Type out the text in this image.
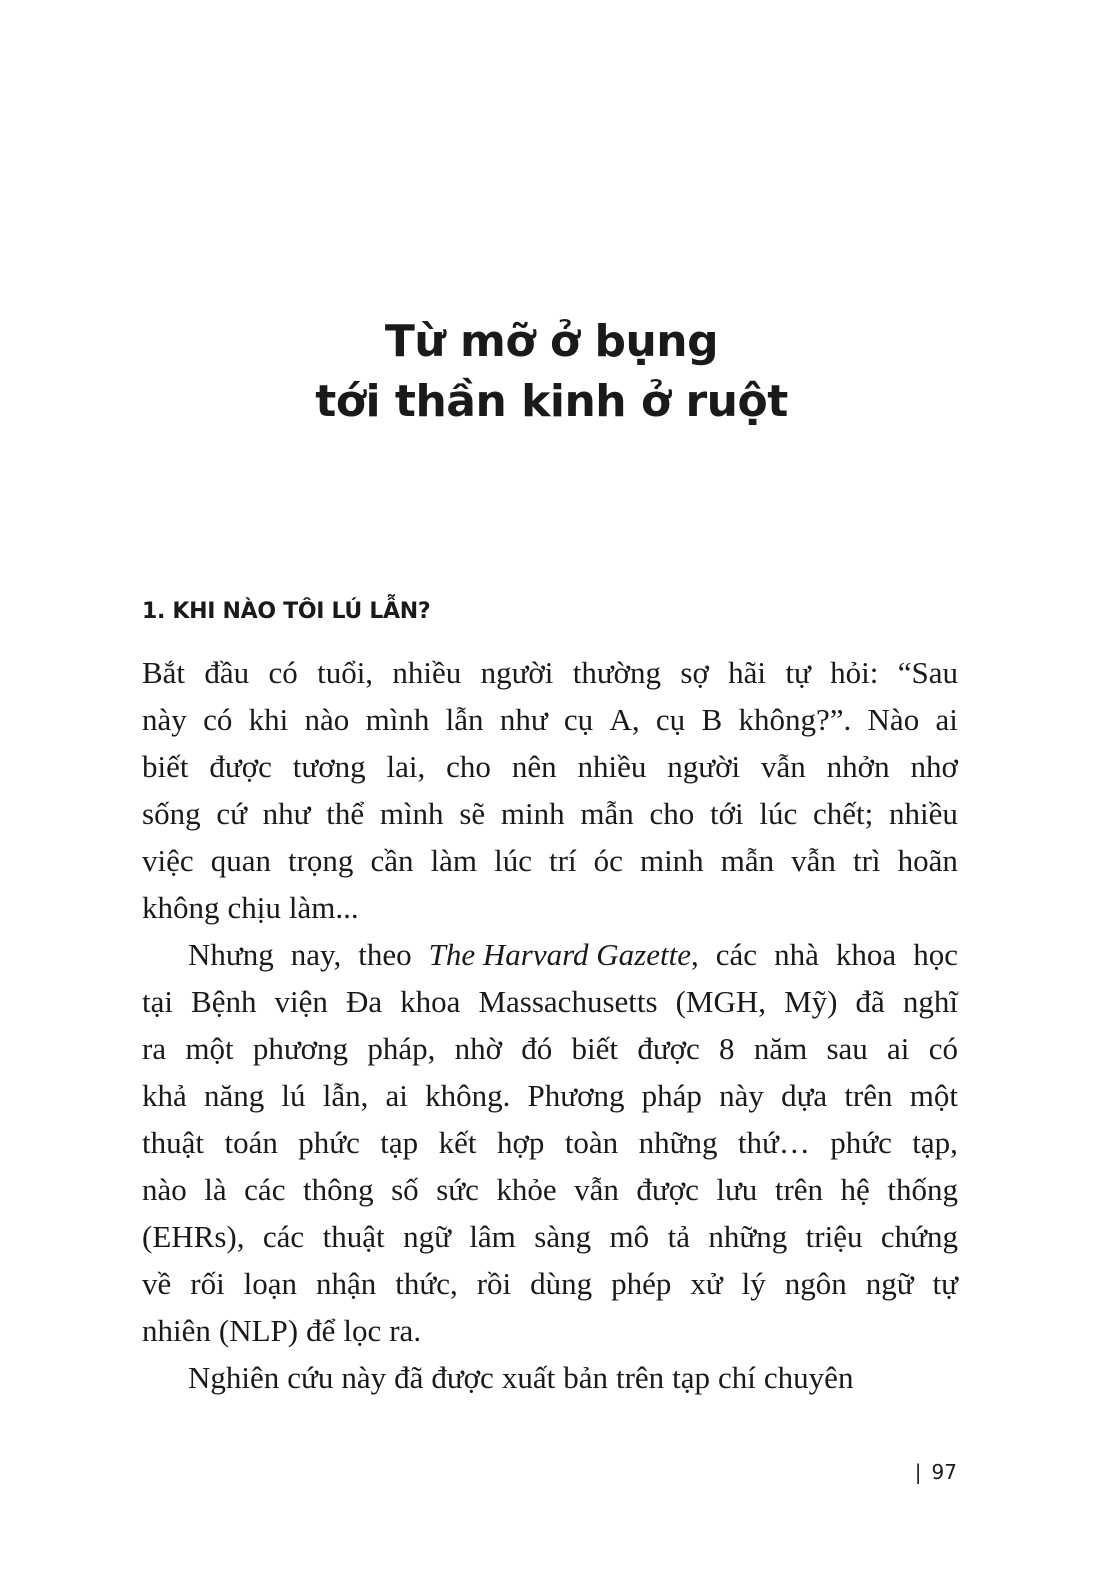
Từ mỡ ở bụng
tới thần kinh ở ruột
1. KHI NÀO TÔI LÚ LẪN?
Bắt đầu có tuổi, nhiều người thường sợ hãi tự hỏi: “Sau
này có khi nào mình lẫn như cụ A, cụ B không?”. Nào ai
biết được tương lai, cho nên nhiều người vẫn nhởn nhơ
sống cứ như thể mình sẽ minh mẫn cho tới lúc chết; nhiều
việc quan trọng cần làm lúc trí óc minh mẫn vẫn trì hoãn
không chịu làm...
Nhưng nay, theo The Harvard Gazette, các nhà khoa học
tại Bệnh viện Đa khoa Massachusetts (MGH, Mỹ) đã nghĩ
ra một phương pháp, nhờ đó biết được 8 năm sau ai có
khả năng lú lẫn, ai không. Phương pháp này dựa trên một
thuật toán phức tạp kết hợp toàn những thứ… phức tạp,
nào là các thông số sức khỏe vẫn được lưu trên hệ thống
(EHRs), các thuật ngữ lâm sàng mô tả những triệu chứng
về rối loạn nhận thức, rồi dùng phép xử lý ngôn ngữ tự
nhiên (NLP) để lọc ra.
Nghiên cứu này đã được xuất bản trên tạp chí chuyên
| 97
